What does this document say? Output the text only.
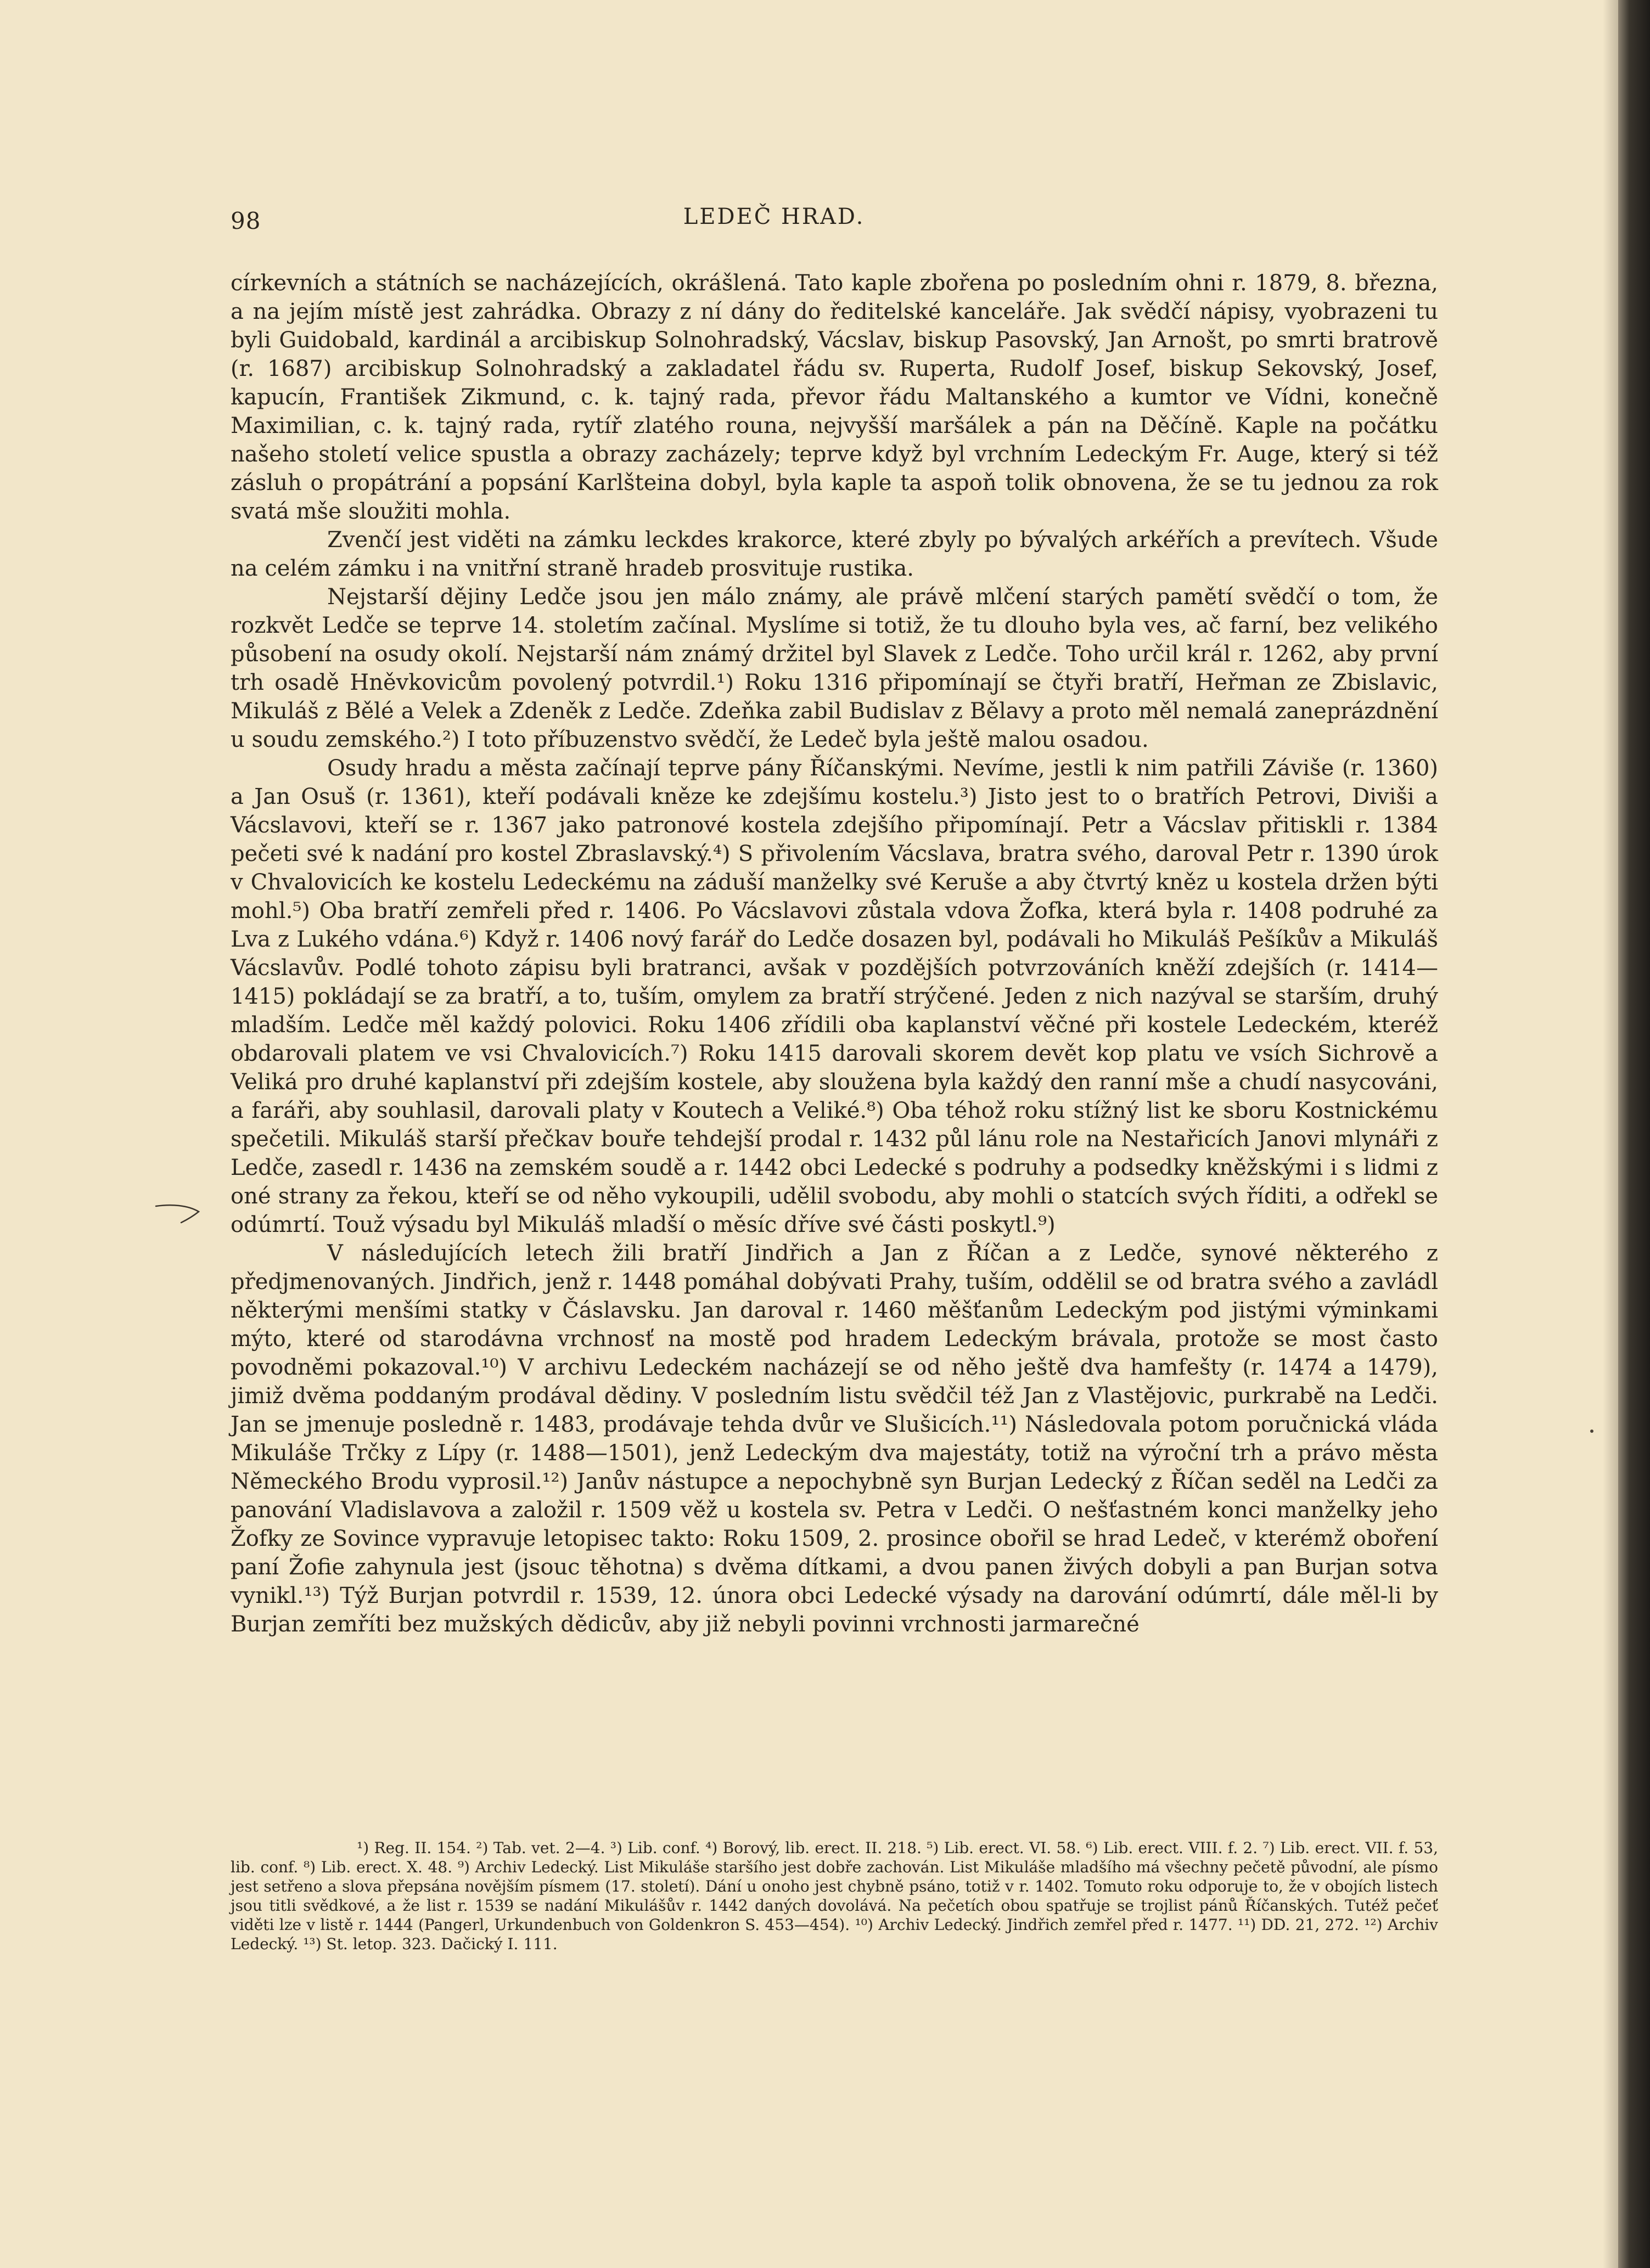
98	LEDEČ HRAD.

církevních a státních se nacházejících, okrášlená. Tato kaple zbořena po posledním ohni r. 1879, 8. března, a na jejím místě jest zahrádka. Obrazy z ní dány do ředitelské kanceláře. Jak svědčí nápisy, vyobrazeni tu byli Guidobald, kardinál a arcibiskup Solnohradský, Vácslav, biskup Pasovský, Jan Arnošt, po smrti bratrově (r. 1687) arcibiskup Solnohradský a zakladatel řádu sv. Ruperta, Rudolf Josef, biskup Sekovský, Josef, kapucín, František Zikmund, c. k. tajný rada, převor řádu Maltanského a kumtor ve Vídni, konečně Maximilian, c. k. tajný rada, rytíř zlatého rouna, nejvyšší maršálek a pán na Děčíně. Kaple na počátku našeho století velice spustla a obrazy zacházely; teprve když byl vrchním Ledeckým Fr. Auge, který si též zásluh o propátrání a popsání Karlšteina dobyl, byla kaple ta aspoň tolik obnovena, že se tu jednou za rok svatá mše sloužiti mohla.

Zvenčí jest viděti na zámku leckdes krakorce, které zbyly po bývalých arkéřích a prevítech. Všude na celém zámku i na vnitřní straně hradeb prosvituje rustika.

Nejstarší dějiny Ledče jsou jen málo známy, ale právě mlčení starých pamětí svědčí o tom, že rozkvět Ledče se teprve 14. stoletím začínal. Myslíme si totiž, že tu dlouho byla ves, ač farní, bez velikého působení na osudy okolí. Nejstarší nám známý držitel byl Slavek z Ledče. Toho určil král r. 1262, aby první trh osadě Hněvkovicům povolený potvrdil.¹) Roku 1316 připomínají se čtyři bratří, Heřman ze Zbislavic, Mikuláš z Bělé a Velek a Zdeněk z Ledče. Zdeňka zabil Budislav z Bělavy a proto měl nemalá zaneprázdnění u soudu zemského.²) I toto příbuzenstvo svědčí, že Ledeč byla ještě malou osadou.

Osudy hradu a města začínají teprve pány Říčanskými. Nevíme, jestli k nim patřili Záviše (r. 1360) a Jan Osuš (r. 1361), kteří podávali kněze ke zdejšímu kostelu.³) Jisto jest to o bratřích Petrovi, Diviši a Vácslavovi, kteří se r. 1367 jako patronové kostela zdejšího připomínají. Petr a Vácslav přitiskli r. 1384 pečeti své k nadání pro kostel Zbraslavský.⁴) S přivolením Vácslava, bratra svého, daroval Petr r. 1390 úrok v Chvalovicích ke kostelu Ledeckému na záduší manželky své Keruše a aby čtvrtý kněz u kostela držen býti mohl.⁵) Oba bratří zemřeli před r. 1406. Po Vácslavovi zůstala vdova Žofka, která byla r. 1408 podruhé za Lva z Lukého vdána.⁶) Když r. 1406 nový farář do Ledče dosazen byl, podávali ho Mikuláš Pešíkův a Mikuláš Vácslavův. Podlé tohoto zápisu byli bratranci, avšak v pozdějších potvrzováních kněží zdejších (r. 1414—1415) pokládají se za bratří, a to, tuším, omylem za bratří strýčené. Jeden z nich nazýval se starším, druhý mladším. Ledče měl každý polovici. Roku 1406 zřídili oba kaplanství věčné při kostele Ledeckém, kteréž obdarovali platem ve vsi Chvalovicích.⁷) Roku 1415 darovali skorem devět kop platu ve vsích Sichrově a Veliká pro druhé kaplanství při zdejším kostele, aby sloužena byla každý den ranní mše a chudí nasycováni, a faráři, aby souhlasil, darovali platy v Koutech a Veliké.⁸) Oba téhož roku stížný list ke sboru Kostnickému spečetili. Mikuláš starší přečkav bouře tehdejší prodal r. 1432 půl lánu role na Nestařicích Janovi mlynáři z Ledče, zasedl r. 1436 na zemském soudě a r. 1442 obci Ledecké s podruhy a podsedky kněžskými i s lidmi z oné strany za řekou, kteří se od něho vykoupili, udělil svobodu, aby mohli o statcích svých říditi, a odřekl se odúmrtí. Touž výsadu byl Mikuláš mladší o měsíc dříve své části poskytl.⁹)

V následujících letech žili bratří Jindřich a Jan z Říčan a z Ledče, synové některého z předjmenovaných. Jindřich, jenž r. 1448 pomáhal dobývati Prahy, tuším, oddělil se od bratra svého a zavládl některými menšími statky v Čáslavsku. Jan daroval r. 1460 měšťanům Ledeckým pod jistými výminkami mýto, které od starodávna vrchnosť na mostě pod hradem Ledeckým brávala, protože se most často povodněmi pokazoval.¹⁰) V archivu Ledeckém nacházejí se od něho ještě dva hamfešty (r. 1474 a 1479), jimiž dvěma poddaným prodával dědiny. V posledním listu svědčil též Jan z Vlastějovic, purkrabě na Ledči. Jan se jmenuje posledně r. 1483, prodávaje tehda dvůr ve Slušicích.¹¹) Následovala potom poručnická vláda Mikuláše Trčky z Lípy (r. 1488—1501), jenž Ledeckým dva majestáty, totiž na výroční trh a právo města Německého Brodu vyprosil.¹²) Janův nástupce a nepochybně syn Burjan Ledecký z Říčan seděl na Ledči za panování Vladislavova a založil r. 1509 věž u kostela sv. Petra v Ledči. O nešťastném konci manželky jeho Žofky ze Sovince vypravuje letopisec takto: Roku 1509, 2. prosince obořil se hrad Ledeč, v kterémž oboření paní Žofie zahynula jest (jsouc těhotna) s dvěma dítkami, a dvou panen živých dobyli a pan Burjan sotva vynikl.¹³) Týž Burjan potvrdil r. 1539, 12. února obci Ledecké výsady na darování odúmrtí, dále měl-li by Burjan zemříti bez mužských dědicův, aby již nebyli povinni vrchnosti jarmarečné

¹) Reg. II. 154. ²) Tab. vet. 2—4. ³) Lib. conf. ⁴) Borový, lib. erect. II. 218. ⁵) Lib. erect. VI. 58. ⁶) Lib. erect. VIII. f. 2. ⁷) Lib. erect. VII. f. 53, lib. conf. ⁸) Lib. erect. X. 48. ⁹) Archiv Ledecký. List Mikuláše staršího jest dobře zachován. List Mikuláše mladšího má všechny pečetě původní, ale písmo jest setřeno a slova přepsána novějším písmem (17. století). Dání u onoho jest chybně psáno, totiž v r. 1402. Tomuto roku odporuje to, že v obojích listech jsou titli svědkové, a že list r. 1539 se nadání Mikulášův r. 1442 daných dovolává. Na pečetích obou spatřuje se trojlist pánů Říčanských. Tutéž pečeť viděti lze v listě r. 1444 (Pangerl, Urkundenbuch von Goldenkron S. 453—454). ¹⁰) Archiv Ledecký. Jindřich zemřel před r. 1477. ¹¹) DD. 21, 272. ¹²) Archiv Ledecký. ¹³) St. letop. 323. Dačický I. 111.
